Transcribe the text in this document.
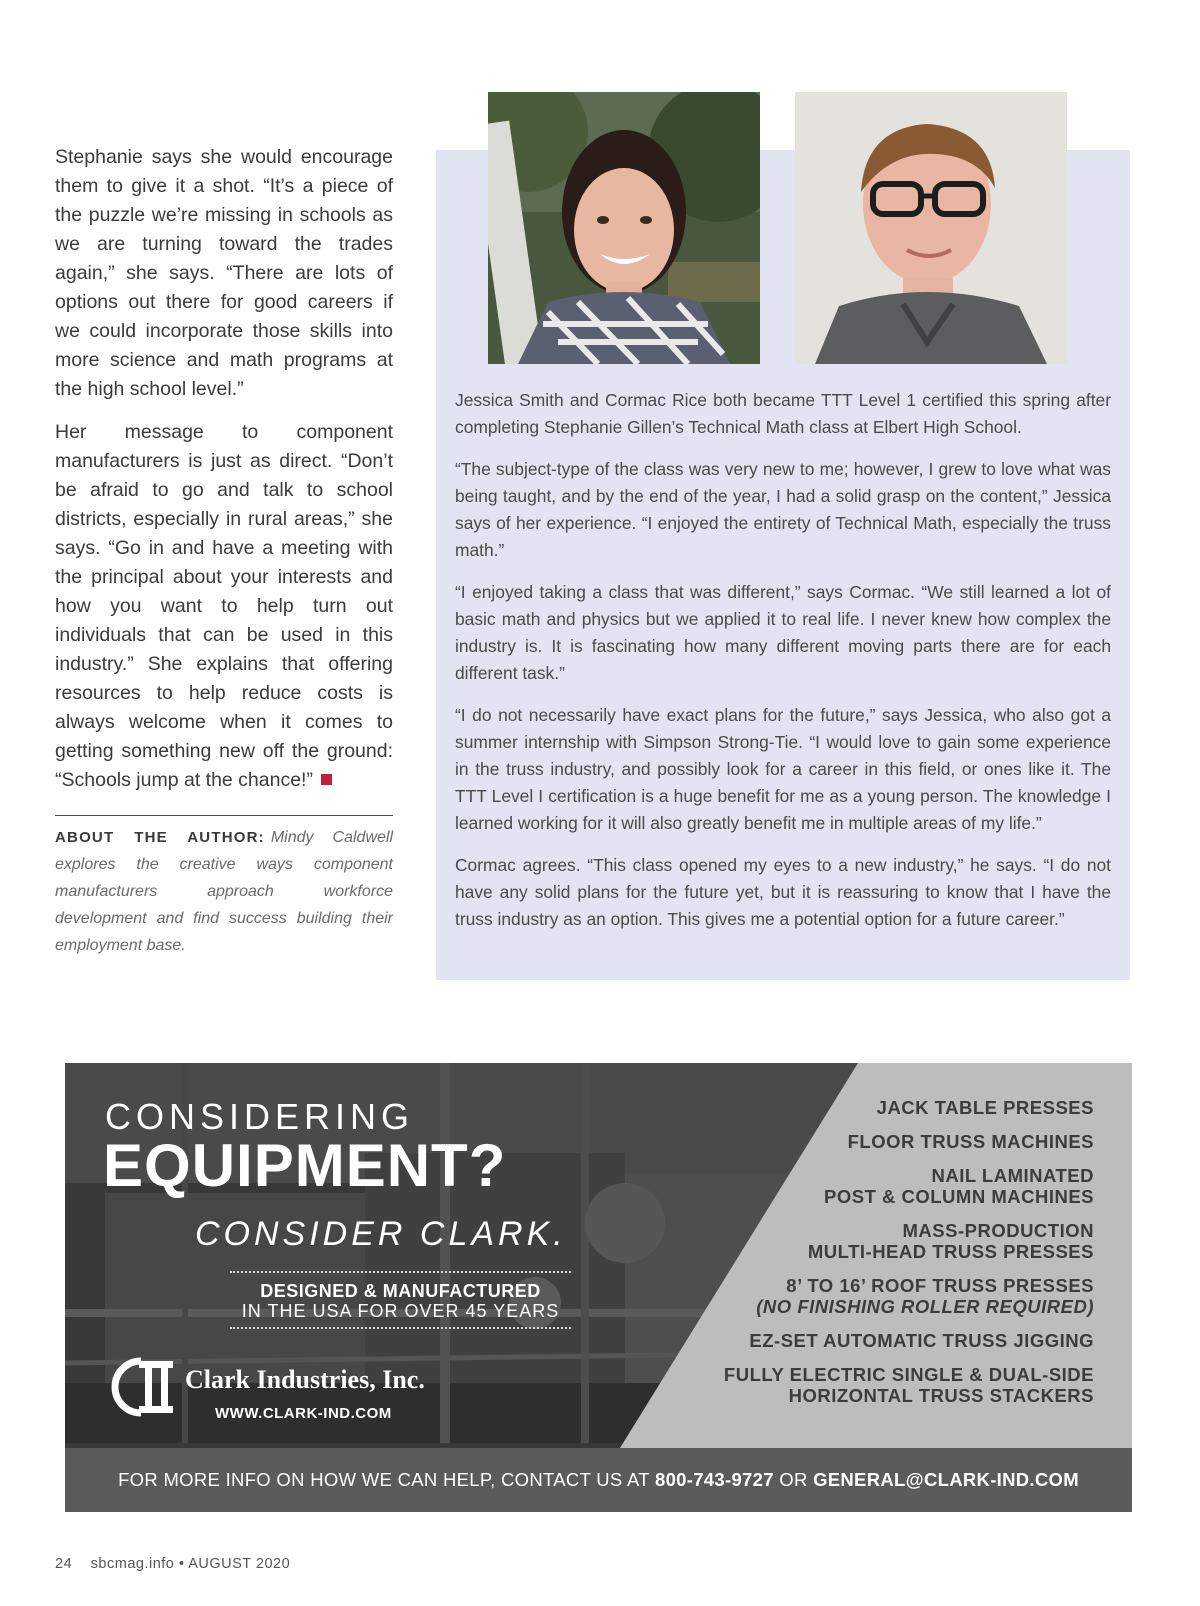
Stephanie says she would encourage them to give it a shot. “It’s a piece of the puzzle we’re missing in schools as we are turning toward the trades again,” she says. “There are lots of options out there for good careers if we could incorporate those skills into more science and math programs at the high school level.”

Her message to component manufacturers is just as direct. “Don’t be afraid to go and talk to school districts, especially in rural areas,” she says. “Go in and have a meeting with the principal about your interests and how you want to help turn out individuals that can be used in this industry.” She explains that offering resources to help reduce costs is always welcome when it comes to getting something new off the ground: “Schools jump at the chance!”

ABOUT THE AUTHOR: Mindy Caldwell explores the creative ways component manufacturers approach workforce development and find success building their employment base.

Jessica Smith and Cormac Rice both became TTT Level 1 certified this spring after completing Stephanie Gillen’s Technical Math class at Elbert High School.

“The subject-type of the class was very new to me; however, I grew to love what was being taught, and by the end of the year, I had a solid grasp on the content,” Jessica says of her experience. “I enjoyed the entirety of Technical Math, especially the truss math.”

“I enjoyed taking a class that was different,” says Cormac. “We still learned a lot of basic math and physics but we applied it to real life. I never knew how complex the industry is. It is fascinating how many different moving parts there are for each different task.”

“I do not necessarily have exact plans for the future,” says Jessica, who also got a summer internship with Simpson Strong-Tie. “I would love to gain some experience in the truss industry, and possibly look for a career in this field, or ones like it. The TTT Level I certification is a huge benefit for me as a young person. The knowledge I learned working for it will also greatly benefit me in multiple areas of my life.”

Cormac agrees. “This class opened my eyes to a new industry,” he says. “I do not have any solid plans for the future yet, but it is reassuring to know that I have the truss industry as an option. This gives me a potential option for a future career.”

CONSIDERING
EQUIPMENT?
CONSIDER CLARK.
DESIGNED & MANUFACTURED
IN THE USA FOR OVER 45 YEARS
Clark Industries, Inc.
WWW.CLARK-IND.COM
JACK TABLE PRESSES
FLOOR TRUSS MACHINES
NAIL LAMINATED
POST & COLUMN MACHINES
MASS-PRODUCTION
MULTI-HEAD TRUSS PRESSES
8’ TO 16’ ROOF TRUSS PRESSES
(NO FINISHING ROLLER REQUIRED)
EZ-SET AUTOMATIC TRUSS JIGGING
FULLY ELECTRIC SINGLE & DUAL-SIDE
HORIZONTAL TRUSS STACKERS
FOR MORE INFO ON HOW WE CAN HELP, CONTACT US AT 800-743-9727 OR GENERAL@CLARK-IND.COM
24 sbcmag.info • AUGUST 2020
